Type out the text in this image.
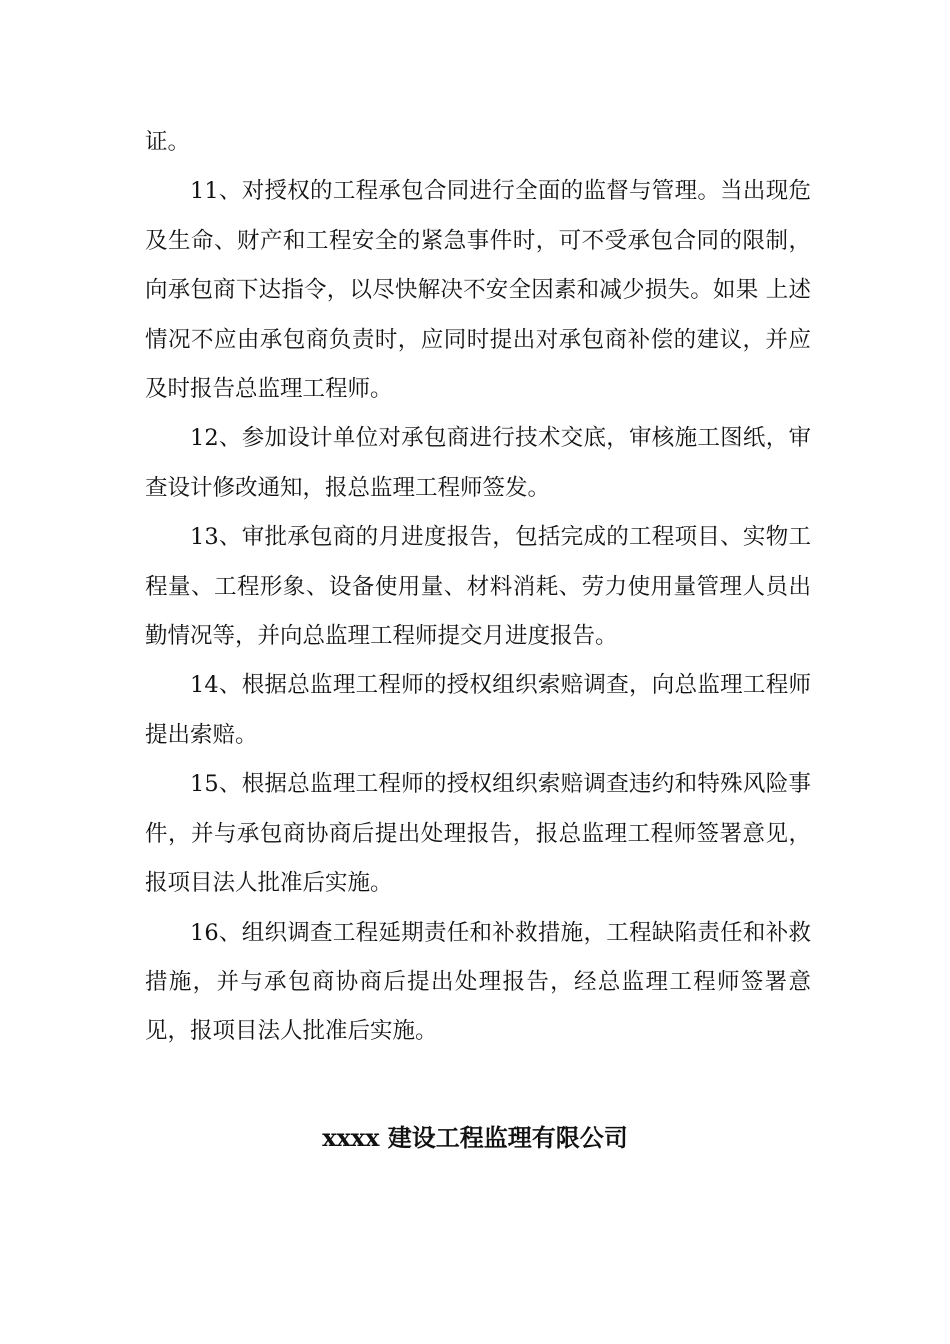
证。

11、对授权的工程承包合同进行全面的监督与管理。当出现危及生命、财产和工程安全的紧急事件时，可不受承包合同的限制，向承包商下达指令，以尽快解决不安全因素和减少损失。如果 上述情况不应由承包商负责时，应同时提出对承包商补偿的建议，并应及时报告总监理工程师。

12、参加设计单位对承包商进行技术交底，审核施工图纸，审查设计修改通知，报总监理工程师签发。

13、审批承包商的月进度报告，包括完成的工程项目、实物工程量、工程形象、设备使用量、材料消耗、劳力使用量管理人员出勤情况等，并向总监理工程师提交月进度报告。

14、根据总监理工程师的授权组织索赔调查，向总监理工程师提出索赔。

15、根据总监理工程师的授权组织索赔调查违约和特殊风险事件，并与承包商协商后提出处理报告，报总监理工程师签署意见，报项目法人批准后实施。

16、组织调查工程延期责任和补救措施，工程缺陷责任和补救措施，并与承包商协商后提出处理报告，经总监理工程师签署意见，报项目法人批准后实施。

xxxx 建设工程监理有限公司
